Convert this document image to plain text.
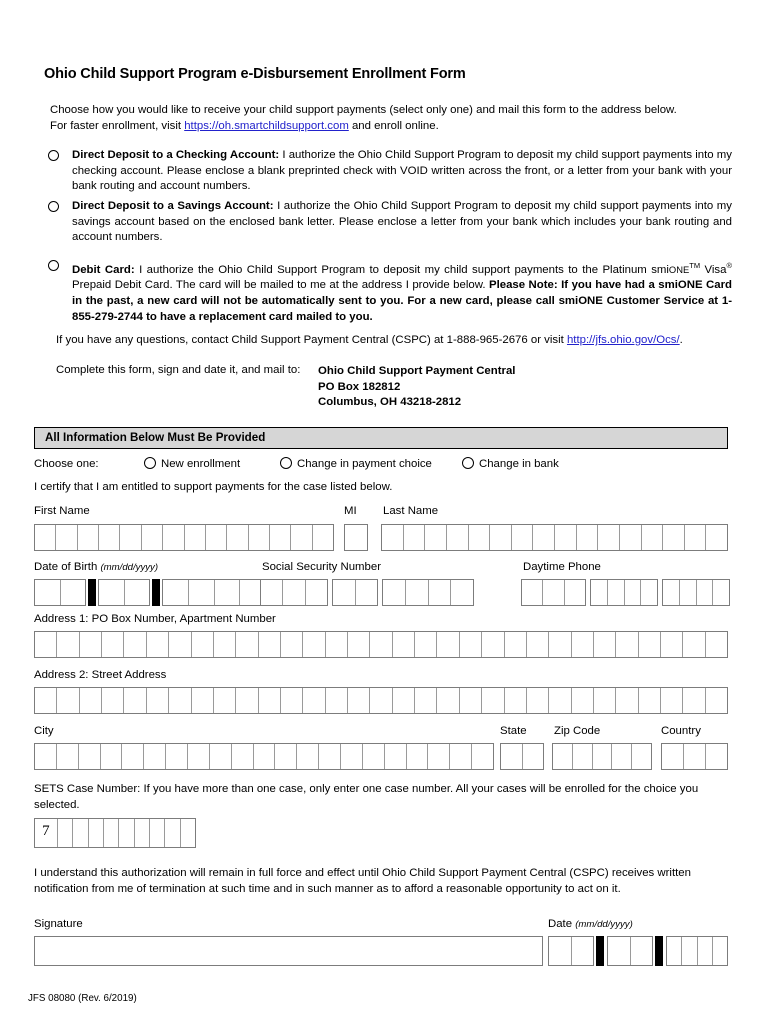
Ohio Child Support Program e-Disbursement Enrollment Form
Choose how you would like to receive your child support payments (select only one) and mail this form to the address below.
For faster enrollment, visit https://oh.smartchildsupport.com and enroll online.
Direct Deposit to a Checking Account: I authorize the Ohio Child Support Program to deposit my child support payments into my checking account. Please enclose a blank preprinted check with VOID written across the front, or a letter from your bank with your bank routing and account numbers.
Direct Deposit to a Savings Account: I authorize the Ohio Child Support Program to deposit my child support payments into my savings account based on the enclosed bank letter. Please enclose a letter from your bank which includes your bank routing and account numbers.
Debit Card: I authorize the Ohio Child Support Program to deposit my child support payments to the Platinum smiONE™ Visa® Prepaid Debit Card. The card will be mailed to me at the address I provide below. Please Note: If you have had a smiONE Card in the past, a new card will not be automatically sent to you. For a new card, please call smiONE Customer Service at 1-855-279-2744 to have a replacement card mailed to you.
If you have any questions, contact Child Support Payment Central (CSPC) at 1-888-965-2676 or visit http://jfs.ohio.gov/Ocs/.
Complete this form, sign and date it, and mail to: Ohio Child Support Payment Central
PO Box 182812
Columbus, OH 43218-2812
All Information Below Must Be Provided
Choose one:	New enrollment	Change in payment choice	Change in bank
I certify that I am entitled to support payments for the case listed below.
First Name	MI Last Name
Date of Birth (mm/dd/yyyy)	Social Security Number	Daytime Phone
Address 1: PO Box Number, Apartment Number
Address 2: Street Address
City	State Zip Code	Country
SETS Case Number: If you have more than one case, only enter one case number. All your cases will be enrolled for the choice you selected.
7
I understand this authorization will remain in full force and effect until Ohio Child Support Payment Central (CSPC) receives written notification from me of termination at such time and in such manner as to afford a reasonable opportunity to act on it.
Signature	Date (mm/dd/yyyy)
JFS 08080 (Rev. 6/2019)
